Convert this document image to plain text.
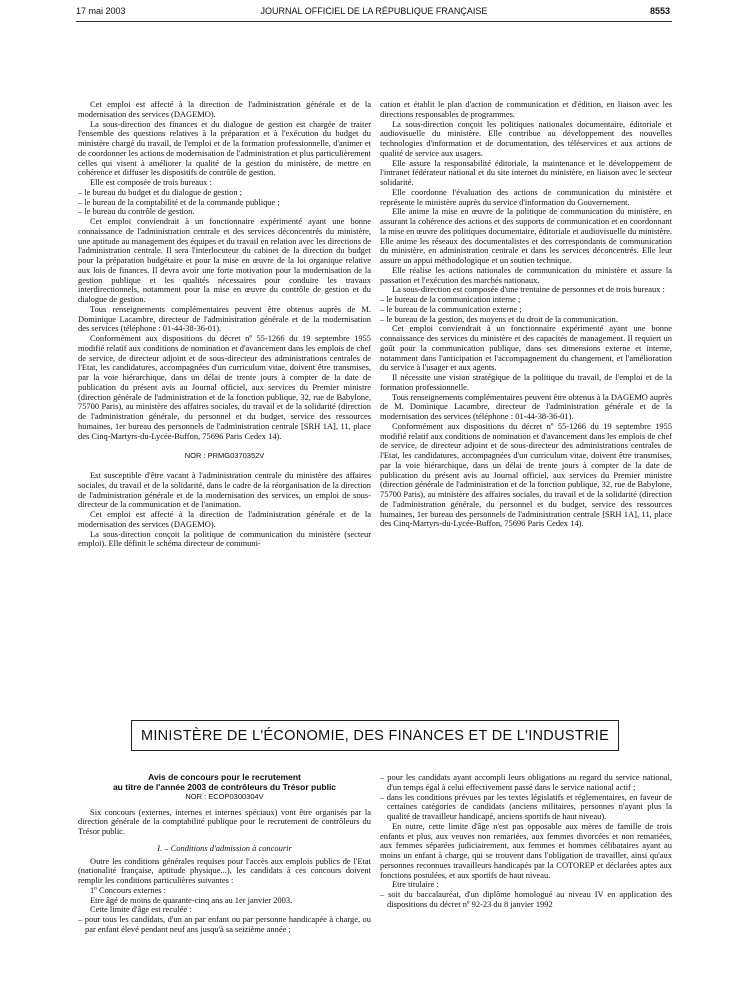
17 mai 2003	JOURNAL OFFICIEL DE LA RÉPUBLIQUE FRANÇAISE	8553

Cet emploi est affecté à la direction de l'administration générale et de la modernisation des services (DAGEMO).

La sous-direction des finances et du dialogue de gestion est chargée de traiter l'ensemble des questions relatives à la préparation et à l'exécution du budget du ministère chargé du travail, de l'emploi et de la formation professionnelle, d'animer et de coordonner les actions de modernisation de l'administration et plus particulièrement celles qui visent à améliorer la qualité de la gestion du ministère, de mettre en cohérence et diffuser les dispositifs de contrôle de gestion.

Elle est composée de trois bureaux :

– le bureau du budget et du dialogue de gestion ;

– le bureau de la comptabilité et de la commande publique ;

– le bureau du contrôle de gestion.

Cet emploi conviendrait à un fonctionnaire expérimenté ayant une bonne connaissance de l'administration centrale et des services déconcentrés du ministère, une aptitude au management des équipes et du travail en relation avec les directions de l'administration centrale. Il sera l'interlocuteur du cabinet de la direction du budget pour la préparation budgétaire et pour la mise en œuvre de la loi organique relative aux lois de finances. Il devra avoir une forte motivation pour la modernisation de la gestion publique et les qualités nécessaires pour conduire les travaux interdirectionnels, notamment pour la mise en œuvre du contrôle de gestion et du dialogue de gestion.

Tous renseignements complémentaires peuvent être obtenus auprès de M. Dominique Lacambre, directeur de l'administration générale et de la modernisation des services (téléphone : 01-44-38-36-01).

Conformément aux dispositions du décret nº 55-1266 du 19 septembre 1955 modifié relatif aux conditions de nomination et d'avancement dans les emplois de chef de service, de directeur adjoint et de sous-directeur des administrations centrales de l'Etat, les candidatures, accompagnées d'un curriculum vitae, doivent être transmises, par la voie hiérarchique, dans un délai de trente jours à compter de la date de publication du présent avis au Journal officiel, aux services du Premier ministre (direction générale de l'administration et de la fonction publique, 32, rue de Babylone, 75700 Paris), au ministère des affaires sociales, du travail et de la solidarité (direction de l'administration générale, du personnel et du budget, service des ressources humaines, 1er bureau des personnels de l'administration centrale [SRH 1A], 11, place des Cinq-Martyrs-du-Lycée-Buffon, 75696 Paris Cedex 14).

NOR : PRMG0370352V

Est susceptible d'être vacant à l'administration centrale du ministère des affaires sociales, du travail et de la solidarité, dans le cadre de la réorganisation de la direction de l'administration générale et de la modernisation des services, un emploi de sous-directeur de la communication et de l'animation.

Cet emploi est affecté à la direction de l'administration générale et de la modernisation des services (DAGEMO).

La sous-direction conçoit la politique de communication du ministère (secteur emploi). Elle définit le schéma directeur de communi-

cation et établit le plan d'action de communication et d'édition, en liaison avec les directions responsables de programmes.

La sous-direction conçoit les politiques nationales documentaire, éditoriale et audiovisuelle du ministère. Elle contribue au développement des nouvelles technologies d'information et de documentation, des téléservices et aux actions de qualité de service aux usagers.

Elle assure la responsabilité éditoriale, la maintenance et le développement de l'intranet fédérateur national et du site internet du ministère, en liaison avec le secteur solidarité.

Elle coordonne l'évaluation des actions de communication du ministère et représente le ministère auprès du service d'information du Gouvernement.

Elle anime la mise en œuvre de la politique de communication du ministère, en assurant la cohérence des actions et des supports de communication et en coordonnant la mise en œuvre des politiques documentaire, éditoriale et audiovisuelle du ministère. Elle anime les réseaux des documentalistes et des correspondants de communication du ministère, en administration centrale et dans les services déconcentrés. Elle leur assure un appui méthodologique et un soutien technique.

Elle réalise les actions nationales de communication du ministère et assure la passation et l'exécution des marchés nationaux.

La sous-direction est composée d'une trentaine de personnes et de trois bureaux :

– le bureau de la communication interne ;

– le bureau de la communication externe ;

– le bureau de la gestion, des moyens et du droit de la communication.

Cet emploi conviendrait à un fonctionnaire expérimenté ayant une bonne connaissance des services du ministère et des capacités de management. Il requiert un goût pour la communication publique, dans ses dimensions externe et interne, notamment dans l'anticipation et l'accompagnement du changement, et l'amélioration du service à l'usager et aux agents.

Il nécessite une vision stratégique de la politique du travail, de l'emploi et de la formation professionnelle.

Tous renseignements complémentaires peuvent être obtenus à la DAGEMO auprès de M. Dominique Lacambre, directeur de l'administration générale et de la modernisation des services (téléphone : 01-44-38-36-01).

Conformément aux dispositions du décret nº 55-1266 du 19 septembre 1955 modifié relatif aux conditions de nomination et d'avancement dans les emplois de chef de service, de directeur adjoint et de sous-directeur des administrations centrales de l'Etat, les candidatures, accompagnées d'un curriculum vitae, doivent être transmises, par la voie hiérarchique, dans un délai de trente jours à compter de la date de publication du présent avis au Journal officiel, aux services du Premier ministre (direction générale de l'administration et de la fonction publique, 32, rue de Babylone, 75700 Paris), au ministère des affaires sociales, du travail et de la solidarité (direction de l'administration générale, du personnel et du budget, service des ressources humaines, 1er bureau des personnels de l'administration centrale [SRH 1A], 11, place des Cinq-Martyrs-du-Lycée-Buffon, 75696 Paris Cedex 14).

MINISTÈRE DE L'ÉCONOMIE, DES FINANCES ET DE L'INDUSTRIE
Avis de concours pour le recrutement
au titre de l'année 2003 de contrôleurs du Trésor public
NOR : ECOP0300304V

Six concours (externes, internes et internes spéciaux) vont être organisés par la direction générale de la comptabilité publique pour le recrutement de contrôleurs du Trésor public.

I. – Conditions d'admission à concourir

Outre les conditions générales requises pour l'accès aux emplois publics de l'Etat (nationalité française, aptitude physique...), les candidats à ces concours doivent remplir les conditions particulières suivantes :

1º Concours externes :

Etre âgé de moins de quarante-cinq ans au 1er janvier 2003.

Cette limite d'âge est reculée :

– pour tous les candidats, d'un an par enfant ou par personne handicapée à charge, ou par enfant élevé pendant neuf ans jusqu'à sa seizième année ;

– pour les candidats ayant accompli leurs obligations au regard du service national, d'un temps égal à celui effectivement passé dans le service national actif ;

– dans les conditions prévues par les textes législatifs et réglementaires, en faveur de certaines catégories de candidats (anciens militaires, personnes n'ayant plus la qualité de travailleur handicapé, anciens sportifs de haut niveau).

En outre, cette limite d'âge n'est pas opposable aux mères de famille de trois enfants et plus, aux veuves non remariées, aux femmes divorcées et non remariées, aux femmes séparées judiciairement, aux femmes et hommes célibataires ayant au moins un enfant à charge, qui se trouvent dans l'obligation de travailler, ainsi qu'aux personnes reconnues travailleurs handicapés par la COTOREP et déclarées aptes aux fonctions postulées, et aux sportifs de haut niveau.

Etre titulaire :

– soit du baccalauréat, d'un diplôme homologué au niveau IV en application des dispositions du décret nº 92-23 du 8 janvier 1992
